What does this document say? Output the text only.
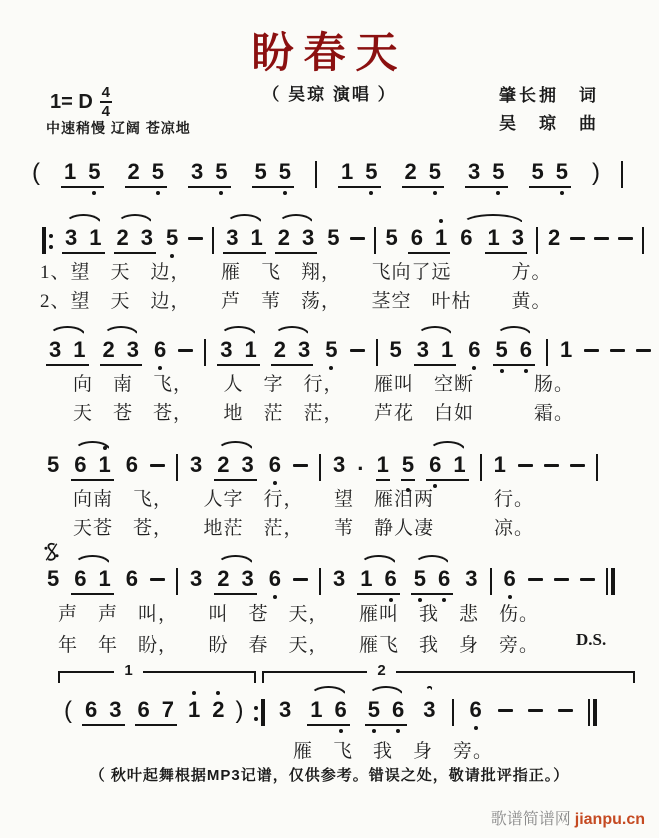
盼春天
（ 吴琼 演唱 ）
1= D $\frac{4}{4}$
中速稍慢 辽阔 苍凉地
肇长拥　词
吴　琼　曲
( 1 5 2 5 3 5 5 5 1 5 2 5 3 5 5 5 )
3 1 2 3 5 3 1 2 3 5 5 6 1 6 1 3 2
3 1 2 3 6 3 1 2 3 5 5 3 1 6 5 6 1
5 6 1 6 3 2 3 6 3 · 1 5 6 1 1
5 6 1 6 3 2 3 6 3 1 6 5 6 3 6
1	2
( 6 3 6 7 1 2 ) 3 1 6 5 6 3 6
1、望　天　边，　　雁　飞　翔，　　飞向了远　　　方。
2、望　天　边，　　芦　苇　荡，　　茎空　叶枯　　黄。
向　南　飞，　　人　字　行，　　雁叫　空断　　　肠。
天　苍　苍，　　地　茫　茫，　　芦花　白如　　　霜。
向南　飞，　　人字　行，　　望　雁泪两　　　行。
天苍　苍，　　地茫　茫，　　苇　静人凄　　　凉。
声　声　叫，　　叫　苍　天，　　雁叫　我　悲　伤。
年　年　盼，　　盼　春　天，　　雁飞　我　身　旁。 D.S.
雁　飞　我　身　旁。
（ 秋叶起舞根据MP3记谱，仅供参考。错误之处，敬请批评指正。）
歌谱简谱网 jianpu.cn
